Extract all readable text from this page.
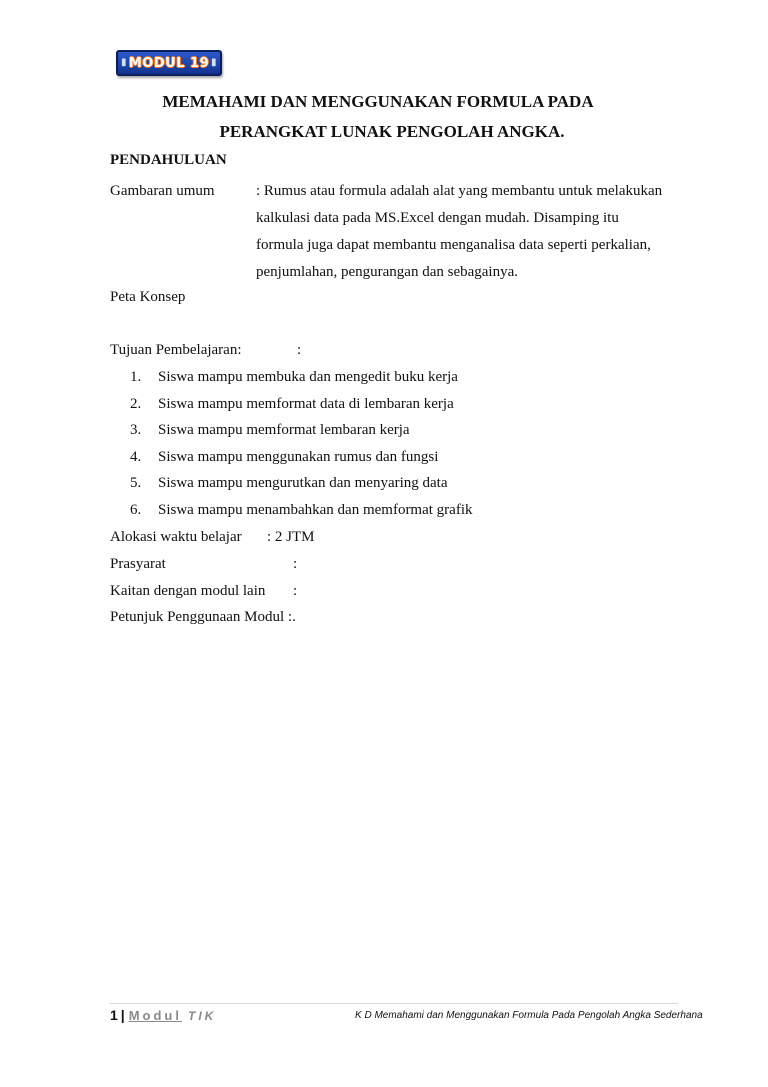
▮ MODUL 19 ▮
MEMAHAMI DAN MENGGUNAKAN FORMULA PADA
PERANGKAT LUNAK PENGOLAH ANGKA.
PENDAHULUAN
Gambaran umum	: Rumus atau formula adalah alat yang membantu untuk melakukan
kalkulasi data pada MS.Excel dengan mudah. Disamping itu
formula juga dapat membantu menganalisa data seperti perkalian,
penjumlahan, pengurangan dan sebagainya.
Peta Konsep
Tujuan Pembelajaran:	:
1. Siswa mampu membuka dan mengedit buku kerja
2. Siswa mampu memformat data di lembaran kerja
3. Siswa mampu memformat lembaran kerja
4. Siswa mampu menggunakan rumus dan fungsi
5. Siswa mampu mengurutkan dan menyaring data
6. Siswa mampu menambahkan dan memformat grafik
Alokasi waktu belajar : 2 JTM
Prasyarat	:
Kaitan dengan modul lain :
Petunjuk Penggunaan Modul :.
1 | Modul TIK	K D Memahami dan Menggunakan Formula Pada Pengolah Angka Sederhana
